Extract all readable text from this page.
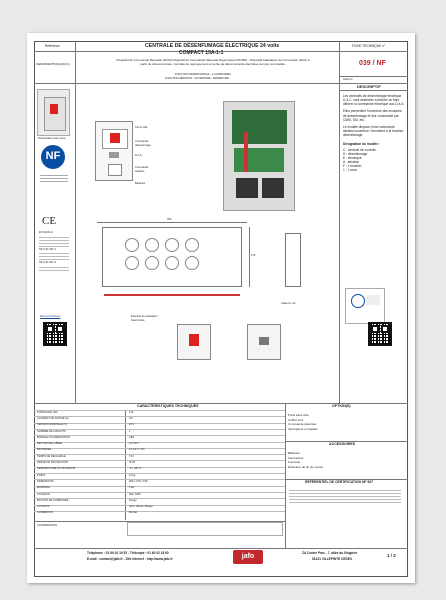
Référence
CEDD369AT5(F)A(1)F(1)
CENTRALE DE DÉSENFUMAGE ÉLECTRIQUE 24 volts
COMPACT 15A-1-1
Dispositif de Commande Manuelle (DCM) Dispositif de Commande Manuelle Regroupées (DCMR) - Dispositif Adaptateur de Commande (DAC) à partir de télécommande. Centrale de regroupement et sortie de télécommande électrique de type commande.
FONCTION DÉSENFUMAGE - 2 COMMANDES
FONCTION AÉRATION : OUVERTURE - FERMETURE
FICHE TECHNIQUE n°
039 / NF
Indice D
DESCRIPTIF
Présentation avec porte
NF
CE
EN 12101-9
NF S 61-937-1
NF S 61-937-2
Manuel technique
Clé en tôle
Commande
désenfumage
R.A.Z.
Commande
aération
Batteries
300
276
Cales en nm
Exemple de réalisation :
Seuil relevé
Les centrales de désenfumage électrique D.A.C. sont destinées à délivrer ou faire délivrer la commande électrique aux D.A.S.
Elles permettent l'ouverture des exutoires de désenfumage et leur commande par CMSI, SSI, etc.
Le modèle dispose d'une commande aération ouverture / fermeture à la fonction désenfumage.
Désignation du modèle :
C : centrale de contrôle
D : désenfumage
E : électrique
A : aération
F : 1 fonction
1 : 1 zone
CARACTÉRISTIQUES TECHNIQUES	OPTION(S)
PUISSANCE (VA)	133
COURANT DE SORTIE (A)	3.5
TENSION NOMINALE (V)	24 V
NOMBRE DE CIRCUITS	1
MODÈLE D'ALIMENTATION	AES
SECTION DE CÂBLE	1,5 mm²
BATTERIES	2 x 12 V 7 Ah
TEMPS DE RECHARGE	72 h
INDICE DE PROTECTION	IP 30
TEMPÉRATURE D'UTILISATION	-5 / +40 °C
POIDS	12 kg
DIMENSIONS	300 x 276 x 150
MATÉRIAU	Tôle
COULEUR	RAL 7035
BOUTON DE COMMANDE	Rouge
VOYANTS	Vert / Jaune / Rouge
CONNEXION	Bornier
Porte sans vitre
Coffret inox
Commande déportée
Interrupteur en façade
ACCESSOIRES
Batteries
Interrupteur
Fourreau
Détecteur de fin de course
RÉFÉRENTIEL DE CERTIFICATION NF 537
COORDINATION
Téléphone : 01 60 02 19 53 - Télécopie : 01 60 02 19 60
E-mail : contact@jafo.fr - Site internet : http://www.jafo.fr	jafo	ZA Centre Parc - 7, allée du Guignier
51421 VILLEPINTE CEDEX
1 / 2
